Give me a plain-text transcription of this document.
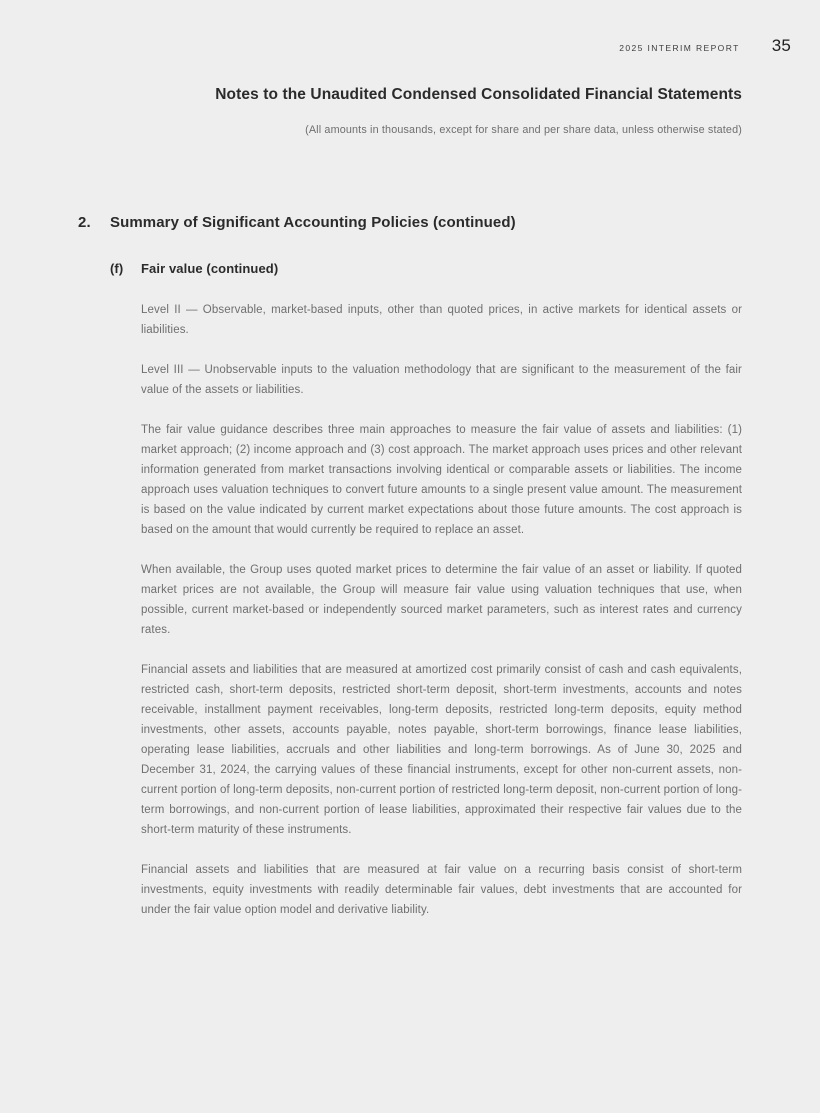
2025 INTERIM REPORT 35
Notes to the Unaudited Condensed Consolidated Financial Statements

(All amounts in thousands, except for share and per share data, unless otherwise stated)

2. Summary of Significant Accounting Policies (continued)
(f) Fair value (continued)

Level II — Observable, market-based inputs, other than quoted prices, in active markets for identical assets or liabilities.

Level III — Unobservable inputs to the valuation methodology that are significant to the measurement of the fair value of the assets or liabilities.

The fair value guidance describes three main approaches to measure the fair value of assets and liabilities: (1) market approach; (2) income approach and (3) cost approach. The market approach uses prices and other relevant information generated from market transactions involving identical or comparable assets or liabilities. The income approach uses valuation techniques to convert future amounts to a single present value amount. The measurement is based on the value indicated by current market expectations about those future amounts. The cost approach is based on the amount that would currently be required to replace an asset.

When available, the Group uses quoted market prices to determine the fair value of an asset or liability. If quoted market prices are not available, the Group will measure fair value using valuation techniques that use, when possible, current market-based or independently sourced market parameters, such as interest rates and currency rates.

Financial assets and liabilities that are measured at amortized cost primarily consist of cash and cash equivalents, restricted cash, short-term deposits, restricted short-term deposit, short-term investments, accounts and notes receivable, installment payment receivables, long-term deposits, restricted long-term deposits, equity method investments, other assets, accounts payable, notes payable, short-term borrowings, finance lease liabilities, operating lease liabilities, accruals and other liabilities and long-term borrowings. As of June 30, 2025 and December 31, 2024, the carrying values of these financial instruments, except for other non-current assets, non-current portion of long-term deposits, non-current portion of restricted long-term deposit, non-current portion of long-term borrowings, and non-current portion of lease liabilities, approximated their respective fair values due to the short-term maturity of these instruments.

Financial assets and liabilities that are measured at fair value on a recurring basis consist of short-term investments, equity investments with readily determinable fair values, debt investments that are accounted for under the fair value option model and derivative liability.
